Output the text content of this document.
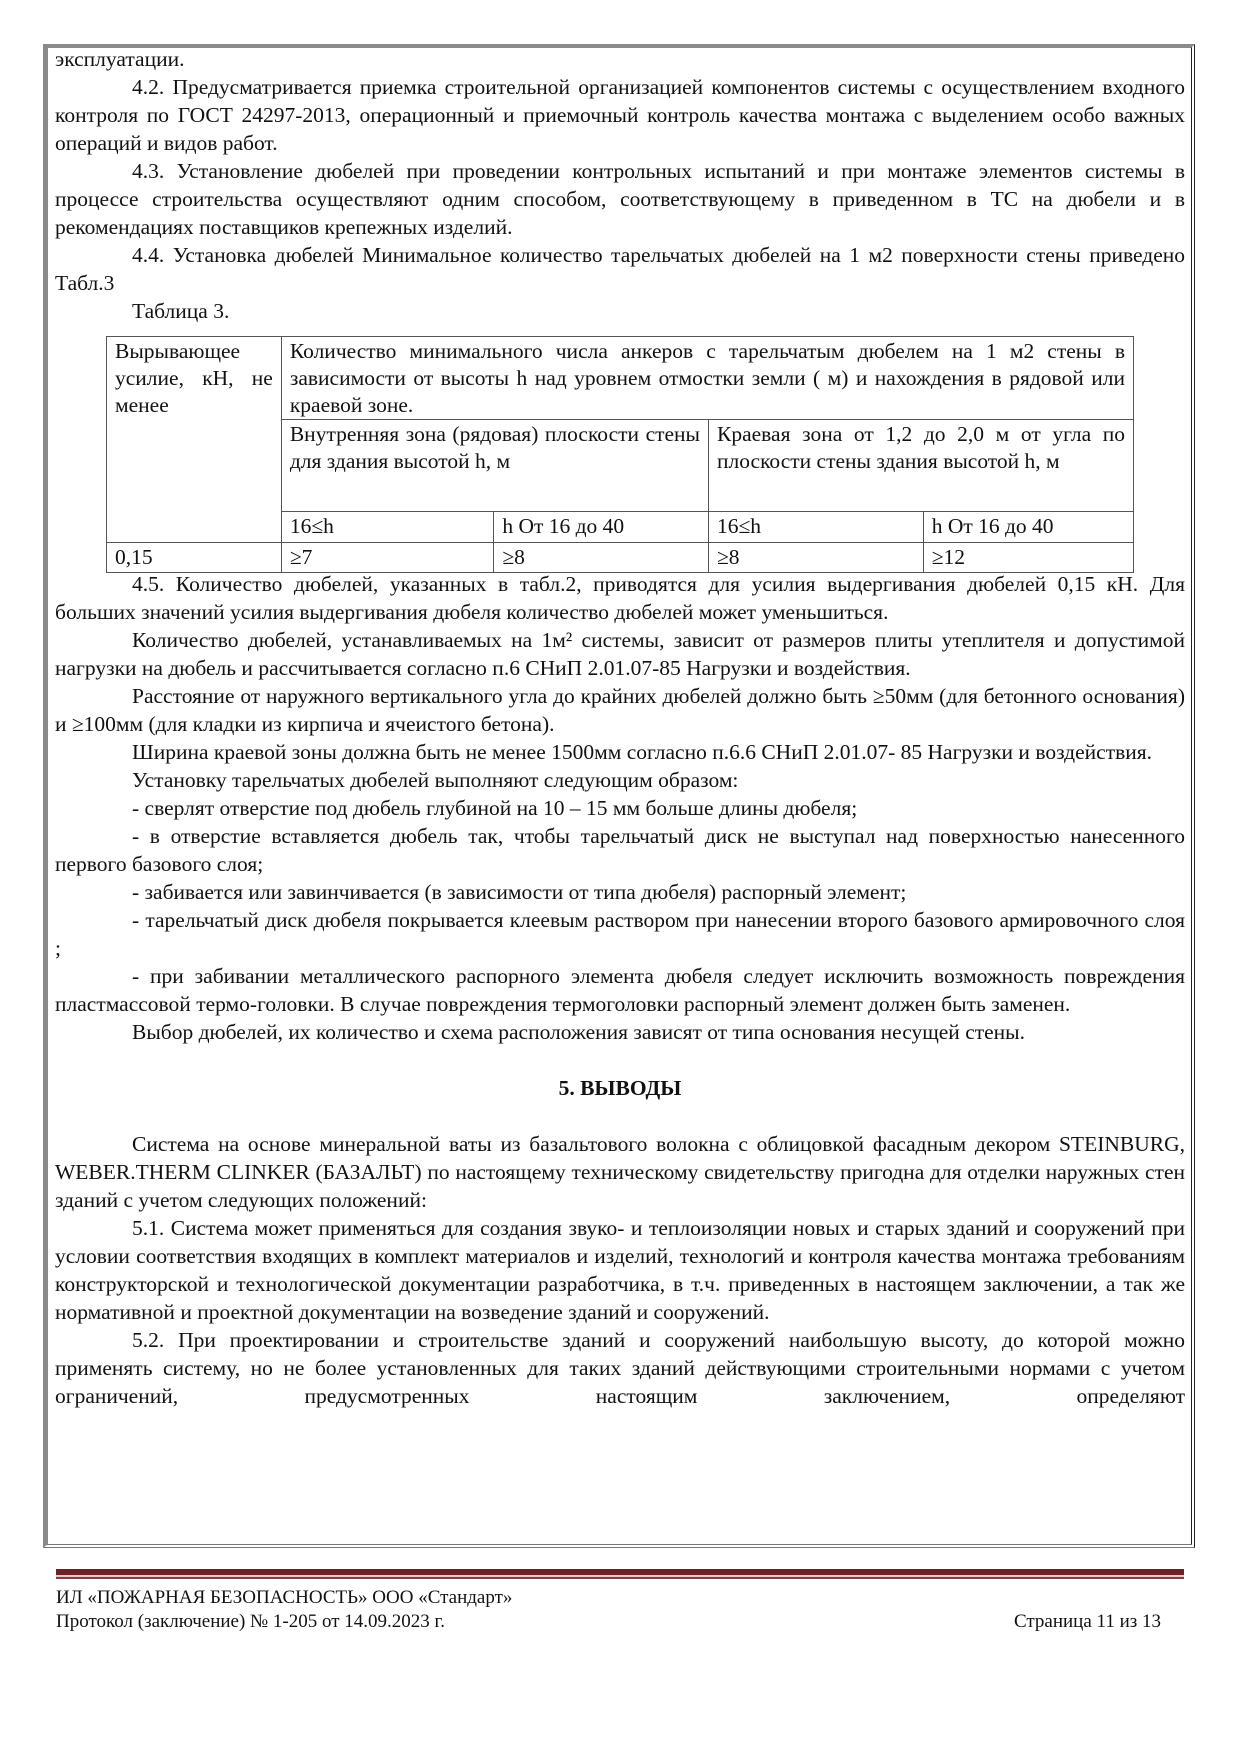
эксплуатации.

4.2. Предусматривается приемка строительной организацией компонентов системы с осуществлением входного контроля по ГОСТ 24297-2013, операционный и приемочный контроль качества монтажа с выделением особо важных операций и видов работ.

4.3. Установление дюбелей при проведении контрольных испытаний и при монтаже элементов системы в процессе строительства осуществляют одним способом, соответствующему в приведенном в ТС на дюбели и в рекомендациях поставщиков крепежных изделий.

4.4. Установка дюбелей Минимальное количество тарельчатых дюбелей на 1 м2 поверхности стены приведено Табл.3

Таблица 3.

Вырывающее усилие, кН, не менее	Количество минимального числа анкеров с тарельчатым дюбелем на 1 м2 стены в зависимости от высоты h над уровнем отмостки земли ( м) и нахождения в рядовой или краевой зоне.			
	Внутренняя зона (рядовая) плоскости стены для здания высотой h, м		Краевая зона от 1,2 до 2,0 м от угла по плоскости стены здания высотой h, м	
	16≤h	h От 16 до 40	16≤h	h От 16 до 40
0,15	≥7	≥8	≥8	≥12

4.5. Количество дюбелей, указанных в табл.2, приводятся для усилия выдергивания дюбелей 0,15 кН. Для больших значений усилия выдергивания дюбеля количество дюбелей может уменьшиться.

Количество дюбелей, устанавливаемых на 1м² системы, зависит от размеров плиты утеплителя и допустимой нагрузки на дюбель и рассчитывается согласно п.6 СНиП 2.01.07-85 Нагрузки и воздействия.

Расстояние от наружного вертикального угла до крайних дюбелей должно быть ≥50мм (для бетонного основания) и ≥100мм (для кладки из кирпича и ячеистого бетона).

Ширина краевой зоны должна быть не менее 1500мм согласно п.6.6 СНиП 2.01.07- 85 Нагрузки и воздействия.

Установку тарельчатых дюбелей выполняют следующим образом:

- сверлят отверстие под дюбель глубиной на 10 – 15 мм больше длины дюбеля;

- в отверстие вставляется дюбель так, чтобы тарельчатый диск не выступал над поверхностью нанесенного первого базового слоя;

- забивается или завинчивается (в зависимости от типа дюбеля) распорный элемент;

- тарельчатый диск дюбеля покрывается клеевым раствором при нанесении второго базового армировочного слоя ;

- при забивании металлического распорного элемента дюбеля следует исключить возможность повреждения пластмассовой термо-головки. В случае повреждения термоголовки распорный элемент должен быть заменен.

Выбор дюбелей, их количество и схема расположения зависят от типа основания несущей стены.

5. ВЫВОДЫ

Система на основе минеральной ваты из базальтового волокна с облицовкой фасадным декором STEINBURG, WEBER.THERM CLINKER (БАЗАЛЬТ) по настоящему техническому свидетельству пригодна для отделки наружных стен зданий с учетом следующих положений:

5.1. Система может применяться для создания звуко- и теплоизоляции новых и старых зданий и сооружений при условии соответствия входящих в комплект материалов и изделий, технологий и контроля качества монтажа требованиям конструкторской и технологической документации разработчика, в т.ч. приведенных в настоящем заключении, а так же нормативной и проектной документации на возведение зданий и сооружений.

5.2. При проектировании и строительстве зданий и сооружений наибольшую высоту, до которой можно применять систему, но не более установленных для таких зданий действующими строительными нормами с учетом ограничений, предусмотренных настоящим заключением, определяют

ИЛ «ПОЖАРНАЯ БЕЗОПАСНОСТЬ» ООО «Стандарт»
Протокол (заключение) № 1-205 от 14.09.2023 г.	Страница 11 из 13
